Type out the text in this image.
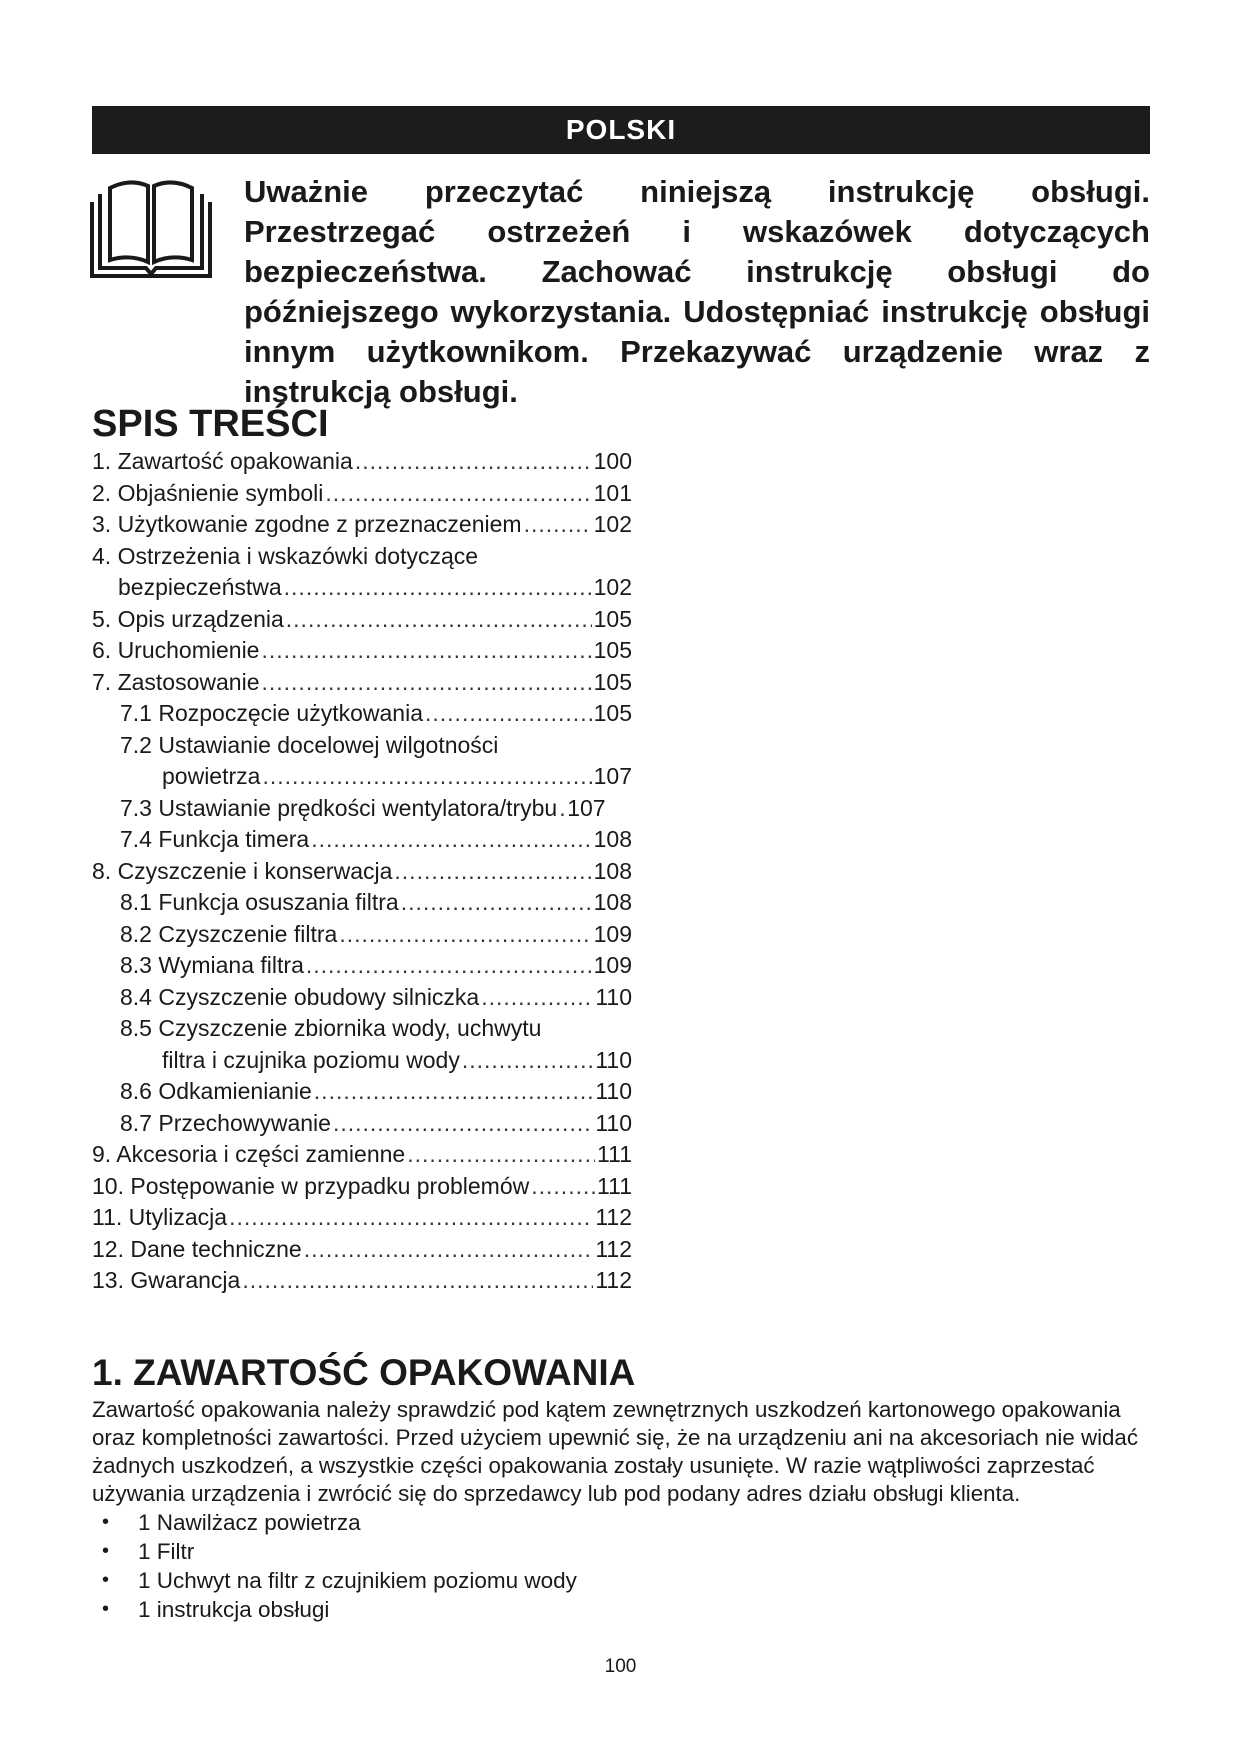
POLSKI
Uważnie przeczytać niniejszą instrukcję obsługi. Przestrzegać ostrzeżeń i wskazówek dotyczących bezpieczeństwa. Zachować instrukcję obsługi do późniejszego wykorzystania. Udostępniać instrukcję obsługi innym użytkownikom. Przekazywać urządzenie wraz z instrukcją obsługi.
SPIS TREŚCI
1. Zawartość opakowania .....	100
2. Objaśnienie symboli .....	101
3. Użytkowanie zgodne z przeznaczeniem .....	102
4. Ostrzeżenia i wskazówki dotyczące
bezpieczeństwa .....	102
5. Opis urządzenia .....	105
6. Uruchomienie .....	105
7. Zastosowanie .....	105
7.1 Rozpoczęcie użytkowania .....	105
7.2 Ustawianie docelowej wilgotności
powietrza .....	107
7.3 Ustawianie prędkości wentylatora/trybu ..... 107
7.4 Funkcja timera .....	108
8. Czyszczenie i konserwacja .....	108
8.1 Funkcja osuszania filtra .....	108
8.2 Czyszczenie filtra .....	109
8.3 Wymiana filtra .....	109
8.4 Czyszczenie obudowy silniczka .....	110
8.5 Czyszczenie zbiornika wody, uchwytu
filtra i czujnika poziomu wody .....	110
8.6 Odkamienianie .....	110
8.7 Przechowywanie .....	110
9. Akcesoria i części zamienne .....	111
10. Postępowanie w przypadku problemów .....	111
11. Utylizacja .....	112
12. Dane techniczne .....	112
13. Gwarancja .....	112
1. ZAWARTOŚĆ OPAKOWANIA

Zawartość opakowania należy sprawdzić pod kątem zewnętrznych uszkodzeń kartonowego opakowania oraz kompletności zawartości. Przed użyciem upewnić się, że na urządzeniu ani na akcesoriach nie widać żadnych uszkodzeń, a wszystkie części opakowania zostały usunięte. W razie wątpliwości zaprzestać używania urządzenia i zwrócić się do sprzedawcy lub pod podany adres działu obsługi klienta.

•	1 Nawilżacz powietrza
•	1 Filtr
•	1 Uchwyt na filtr z czujnikiem poziomu wody
•	1 instrukcja obsługi
100
